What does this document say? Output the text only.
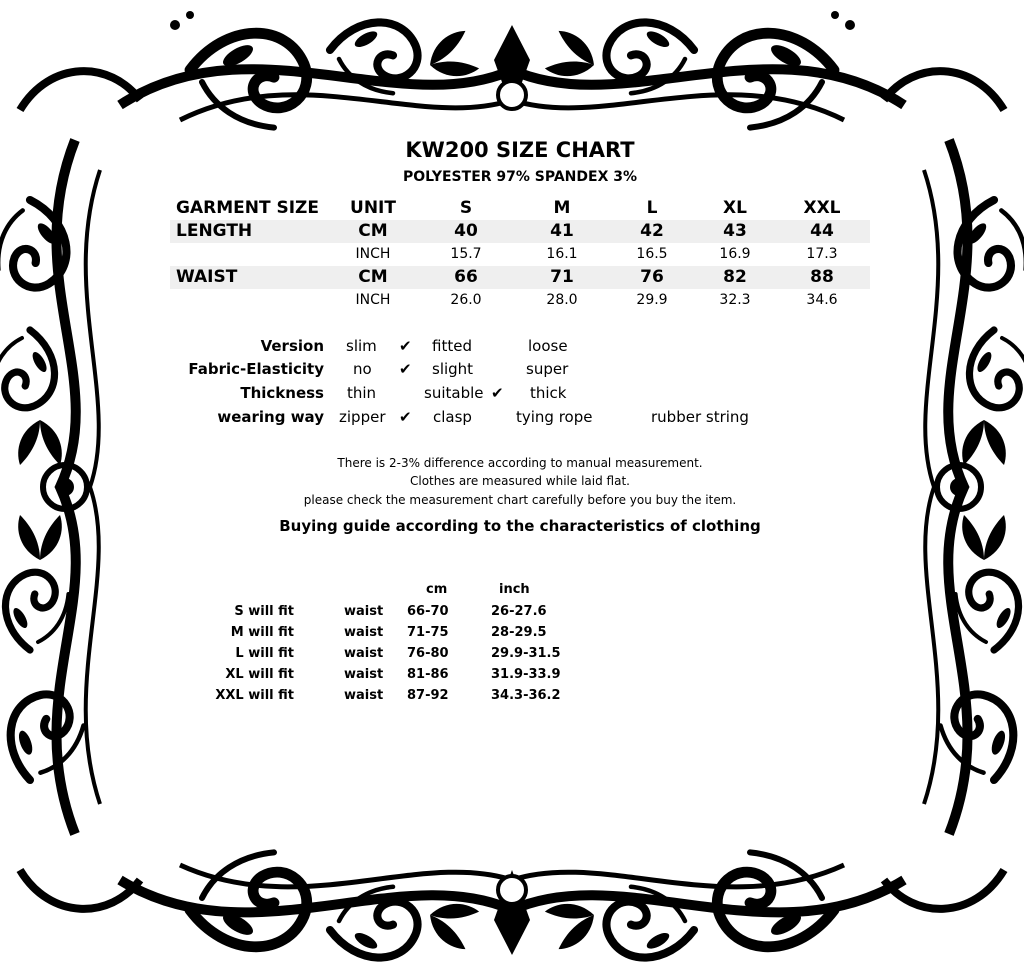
KW200 SIZE CHART
POLYESTER 97% SPANDEX 3%
GARMENT SIZE	UNIT	S	M	L	XL	XXL
LENGTH	CM	40	41	42	43	44
INCH	15.7	16.1	16.5	16.9	17.3
WAIST	CM	66	71	76	82	88
INCH	26.0	28.0	29.9	32.3	34.6
Version slim ✔ fitted	loose
Fabric-Elasticity no ✔ slight	super
Thickness thin	suitable ✔ thick
wearing way zipper ✔ clasp	tying rope	rubber string
There is 2-3% difference according to manual measurement.
Clothes are measured while laid flat.
please check the measurement chart carefully before you buy the item.
Buying guide according to the characteristics of clothing
cm	inch
S will fit	waist 66-70	26-27.6
M will fit	waist 71-75	28-29.5
L will fit	waist 76-80	29.9-31.5
XL will fit	waist 81-86	31.9-33.9
XXL will fit	waist 87-92	34.3-36.2
